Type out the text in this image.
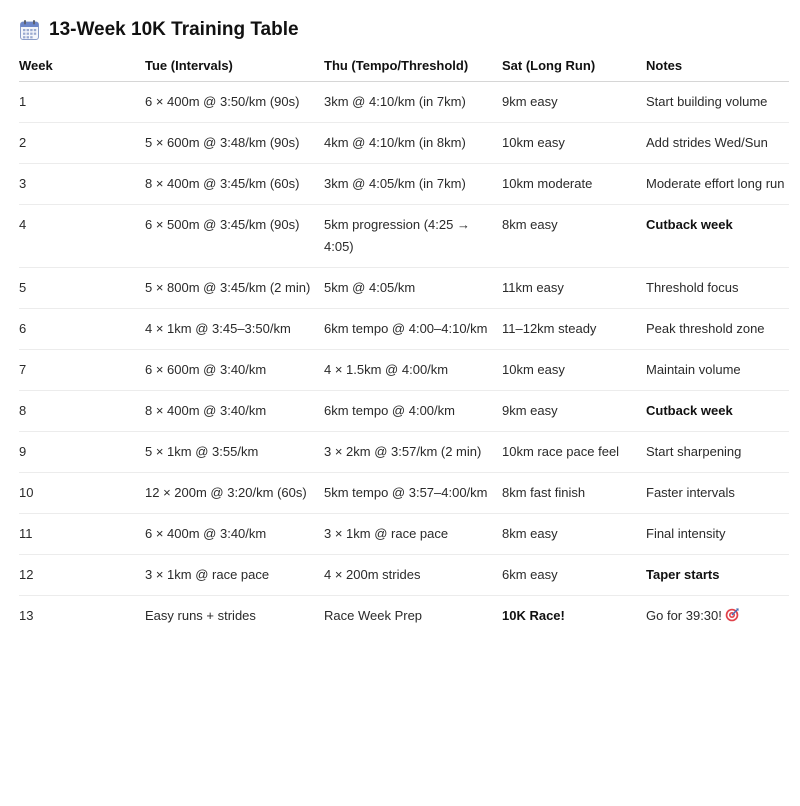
13-Week 10K Training Table
Week	Tue (Intervals)	Thu (Tempo/Threshold)	Sat (Long Run)	Notes
1	6 × 400m @ 3:50/km (90s)	3km @ 4:10/km (in 7km)	9km easy	Start building volume
2	5 × 600m @ 3:48/km (90s)	4km @ 4:10/km (in 8km)	10km easy	Add strides Wed/Sun
3	8 × 400m @ 3:45/km (60s)	3km @ 4:05/km (in 7km)	10km moderate	Moderate effort long run
4	6 × 500m @ 3:45/km (90s)	5km progression (4:25 → 4:05)	8km easy	Cutback week
5	5 × 800m @ 3:45/km (2 min)	5km @ 4:05/km	11km easy	Threshold focus
6	4 × 1km @ 3:45–3:50/km	6km tempo @ 4:00–4:10/km	11–12km steady	Peak threshold zone
7	6 × 600m @ 3:40/km	4 × 1.5km @ 4:00/km	10km easy	Maintain volume
8	8 × 400m @ 3:40/km	6km tempo @ 4:00/km	9km easy	Cutback week
9	5 × 1km @ 3:55/km	3 × 2km @ 3:57/km (2 min)	10km race pace feel	Start sharpening
10	12 × 200m @ 3:20/km (60s)	5km tempo @ 3:57–4:00/km	8km fast finish	Faster intervals
11	6 × 400m @ 3:40/km	3 × 1km @ race pace	8km easy	Final intensity
12	3 × 1km @ race pace	4 × 200m strides	6km easy	Taper starts
13	Easy runs + strides	Race Week Prep	10K Race!	Go for 39:30!
